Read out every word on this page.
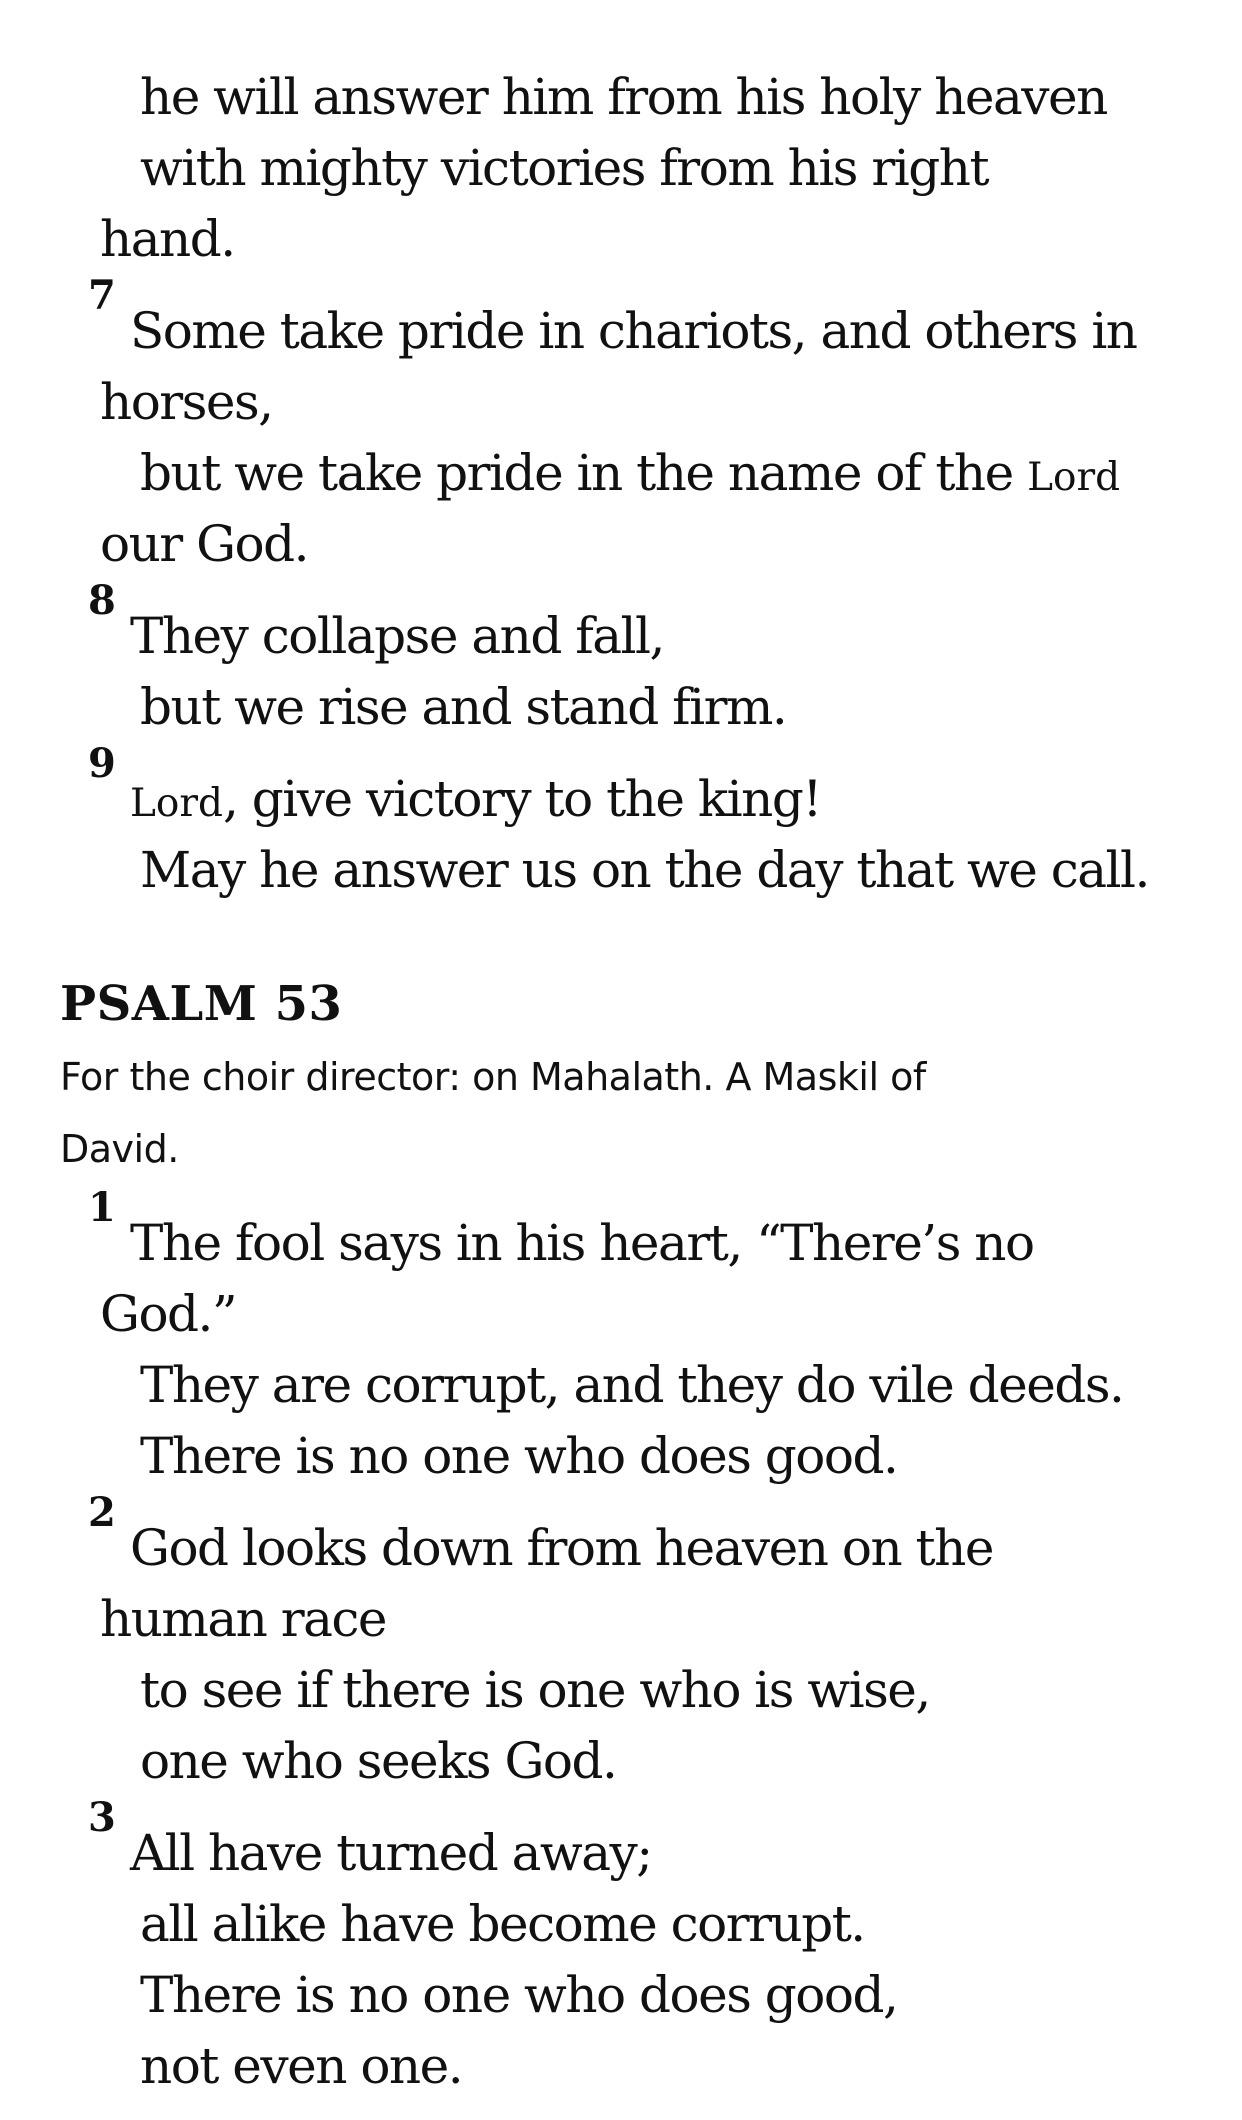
he will answer him from his holy heaven

with mighty victories from his right

hand.

7

Some take pride in chariots, and others in

horses,

but we take pride in the name of the Lord

our God.

8

They collapse and fall,

but we rise and stand firm.

9

Lord, give victory to the king!

May he answer us on the day that we call.

PSALM 53

For the choir director: on Mahalath. A Maskil of

David.

1

The fool says in his heart, “There’s no

God.”

They are corrupt, and they do vile deeds.

There is no one who does good.

2

God looks down from heaven on the

human race

to see if there is one who is wise,

one who seeks God.

3

All have turned away;

all alike have become corrupt.

There is no one who does good,

not even one.
